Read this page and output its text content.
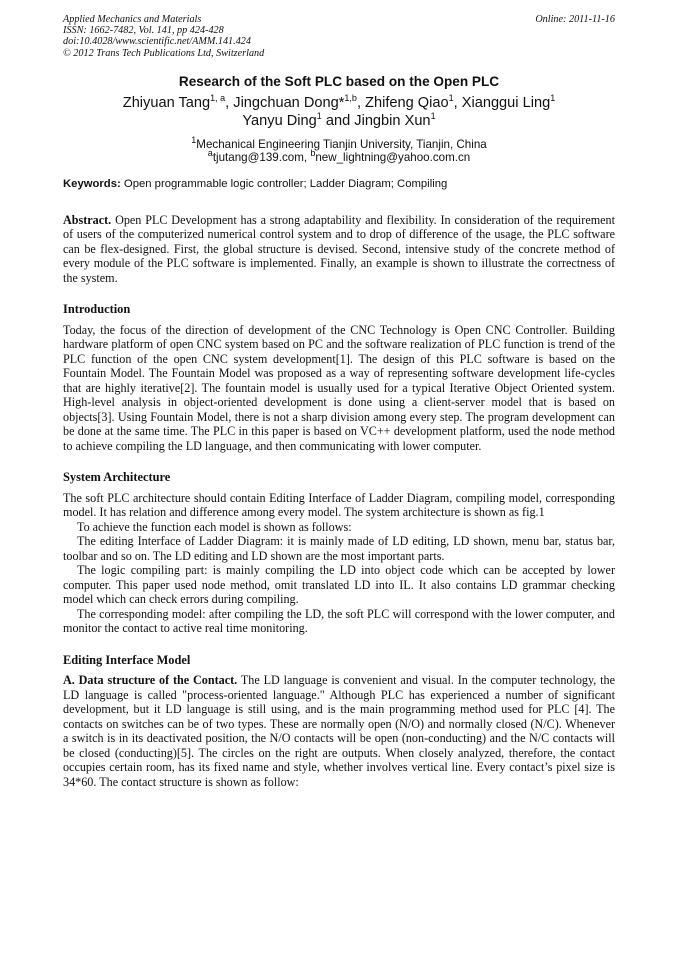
Applied Mechanics and Materials
ISSN: 1662-7482, Vol. 141, pp 424-428
doi:10.4028/www.scientific.net/AMM.141.424
© 2012 Trans Tech Publications Ltd, Switzerland
Online: 2011-11-16
Research of the Soft PLC based on the Open PLC
Zhiyuan Tang$^{1, a}$, Jingchuan Dong*$^{1,b}$, Zhifeng Qiao$^1$, Xianggui Ling$^1$
Yanyu Ding$^1$ and Jingbin Xun$^1$
$^1$Mechanical Engineering Tianjin University, Tianjin, China
$^a$tjutang@139.com, $^b$new_lightning@yahoo.com.cn
Keywords: Open programmable logic controller; Ladder Diagram; Compiling

Abstract. Open PLC Development has a strong adaptability and flexibility. In consideration of the requirement of users of the computerized numerical control system and to drop of difference of the usage, the PLC software can be flex-designed. First, the global structure is devised. Second, intensive study of the concrete method of every module of the PLC software is implemented. Finally, an example is shown to illustrate the correctness of the system.

Introduction

Today, the focus of the direction of development of the CNC Technology is Open CNC Controller. Building hardware platform of open CNC system based on PC and the software realization of PLC function is trend of the PLC function of the open CNC system development[1]. The design of this PLC software is based on the Fountain Model. The Fountain Model was proposed as a way of representing software development life-cycles that are highly iterative[2]. The fountain model is usually used for a typical Iterative Object Oriented system. High-level analysis in object-oriented development is done using a client-server model that is based on objects[3]. Using Fountain Model, there is not a sharp division among every step. The program development can be done at the same time. The PLC in this paper is based on VC++ development platform, used the node method to achieve compiling the LD language, and then communicating with lower computer.

System Architecture

The soft PLC architecture should contain Editing Interface of Ladder Diagram, compiling model, corresponding model. It has relation and difference among every model. The system architecture is shown as fig.1

To achieve the function each model is shown as follows:

The editing Interface of Ladder Diagram: it is mainly made of LD editing, LD shown, menu bar, status bar, toolbar and so on. The LD editing and LD shown are the most important parts.

The logic compiling part: is mainly compiling the LD into object code which can be accepted by lower computer. This paper used node method, omit translated LD into IL. It also contains LD grammar checking model which can check errors during compiling.

The corresponding model: after compiling the LD, the soft PLC will correspond with the lower computer, and monitor the contact to active real time monitoring.

Editing Interface Model

A. Data structure of the Contact. The LD language is convenient and visual. In the computer technology, the LD language is called "process-oriented language." Although PLC has experienced a number of significant development, but it LD language is still using, and is the main programming method used for PLC [4]. The contacts on switches can be of two types. These are normally open (N/O) and normally closed (N/C). Whenever a switch is in its deactivated position, the N/O contacts will be open (non-conducting) and the N/C contacts will be closed (conducting)[5]. The circles on the right are outputs. When closely analyzed, therefore, the contact occupies certain room, has its fixed name and style, whether involves vertical line. Every contact’s pixel size is 34*60. The contact structure is shown as follow:
